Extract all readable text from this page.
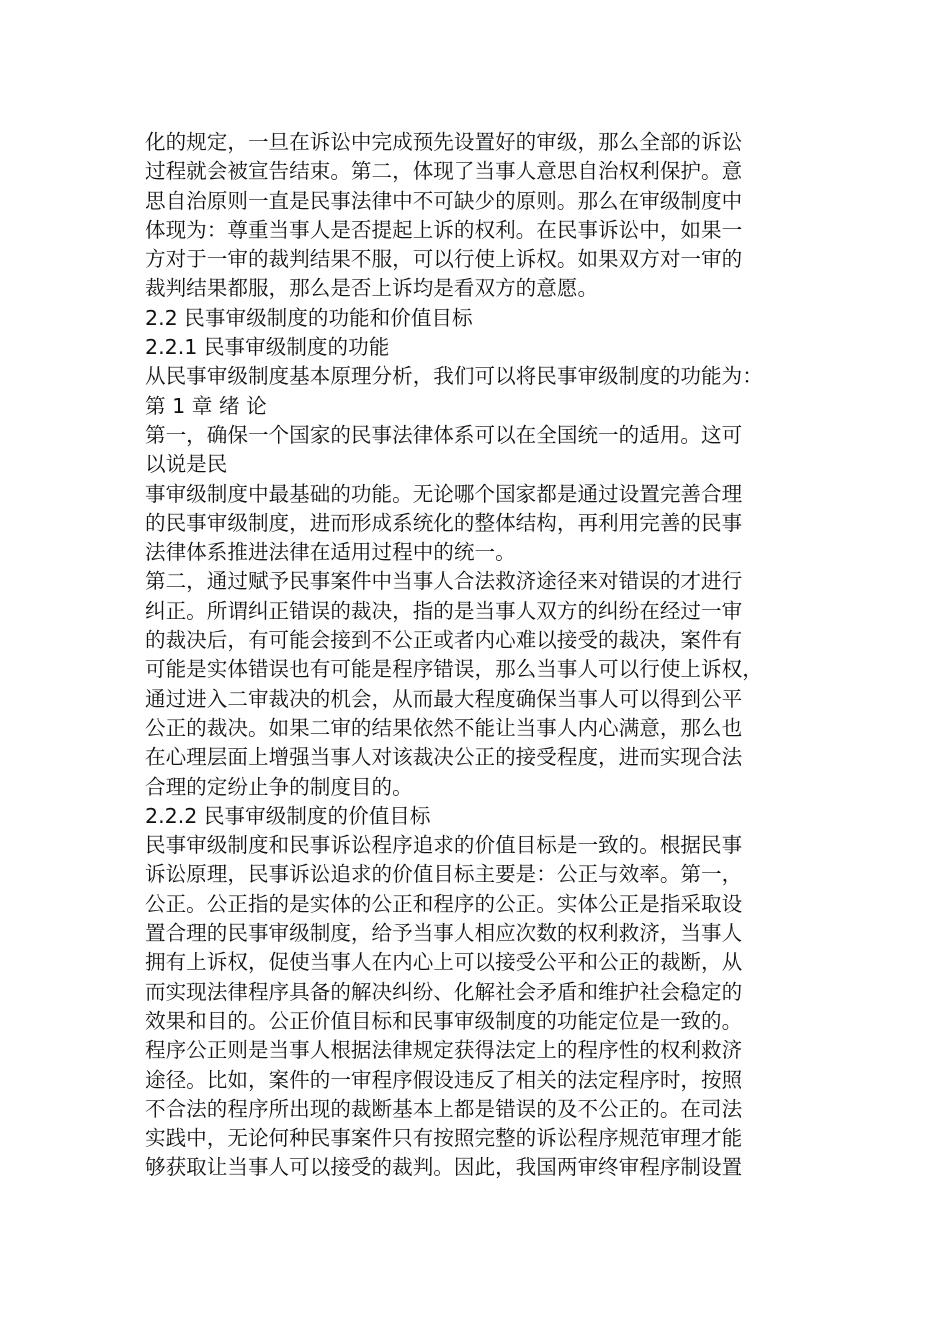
化的规定，一旦在诉讼中完成预先设置好的审级，那么全部的诉讼
过程就会被宣告结束。第二，体现了当事人意思自治权利保护。意
思自治原则一直是民事法律中不可缺少的原则。那么在审级制度中
体现为：尊重当事人是否提起上诉的权利。在民事诉讼中，如果一
方对于一审的裁判结果不服，可以行使上诉权。如果双方对一审的
裁判结果都服，那么是否上诉均是看双方的意愿。
2.2 民事审级制度的功能和价值目标
2.2.1 民事审级制度的功能
从民事审级制度基本原理分析，我们可以将民事审级制度的功能为：
第 1 章 绪 论
第一，确保一个国家的民事法律体系可以在全国统一的适用。这可
以说是民
事审级制度中最基础的功能。无论哪个国家都是通过设置完善合理
的民事审级制度，进而形成系统化的整体结构，再利用完善的民事
法律体系推进法律在适用过程中的统一。
第二，通过赋予民事案件中当事人合法救济途径来对错误的才进行
纠正。所谓纠正错误的裁决，指的是当事人双方的纠纷在经过一审
的裁决后，有可能会接到不公正或者内心难以接受的裁决，案件有
可能是实体错误也有可能是程序错误，那么当事人可以行使上诉权，
通过进入二审裁决的机会，从而最大程度确保当事人可以得到公平
公正的裁决。如果二审的结果依然不能让当事人内心满意，那么也
在心理层面上增强当事人对该裁决公正的接受程度，进而实现合法
合理的定纷止争的制度目的。
2.2.2 民事审级制度的价值目标
民事审级制度和民事诉讼程序追求的价值目标是一致的。根据民事
诉讼原理，民事诉讼追求的价值目标主要是：公正与效率。第一，
公正。公正指的是实体的公正和程序的公正。实体公正是指采取设
置合理的民事审级制度，给予当事人相应次数的权利救济，当事人
拥有上诉权，促使当事人在内心上可以接受公平和公正的裁断，从
而实现法律程序具备的解决纠纷、化解社会矛盾和维护社会稳定的
效果和目的。公正价值目标和民事审级制度的功能定位是一致的。
程序公正则是当事人根据法律规定获得法定上的程序性的权利救济
途径。比如，案件的一审程序假设违反了相关的法定程序时，按照
不合法的程序所出现的裁断基本上都是错误的及不公正的。在司法
实践中，无论何种民事案件只有按照完整的诉讼程序规范审理才能
够获取让当事人可以接受的裁判。因此，我国两审终审程序制设置
